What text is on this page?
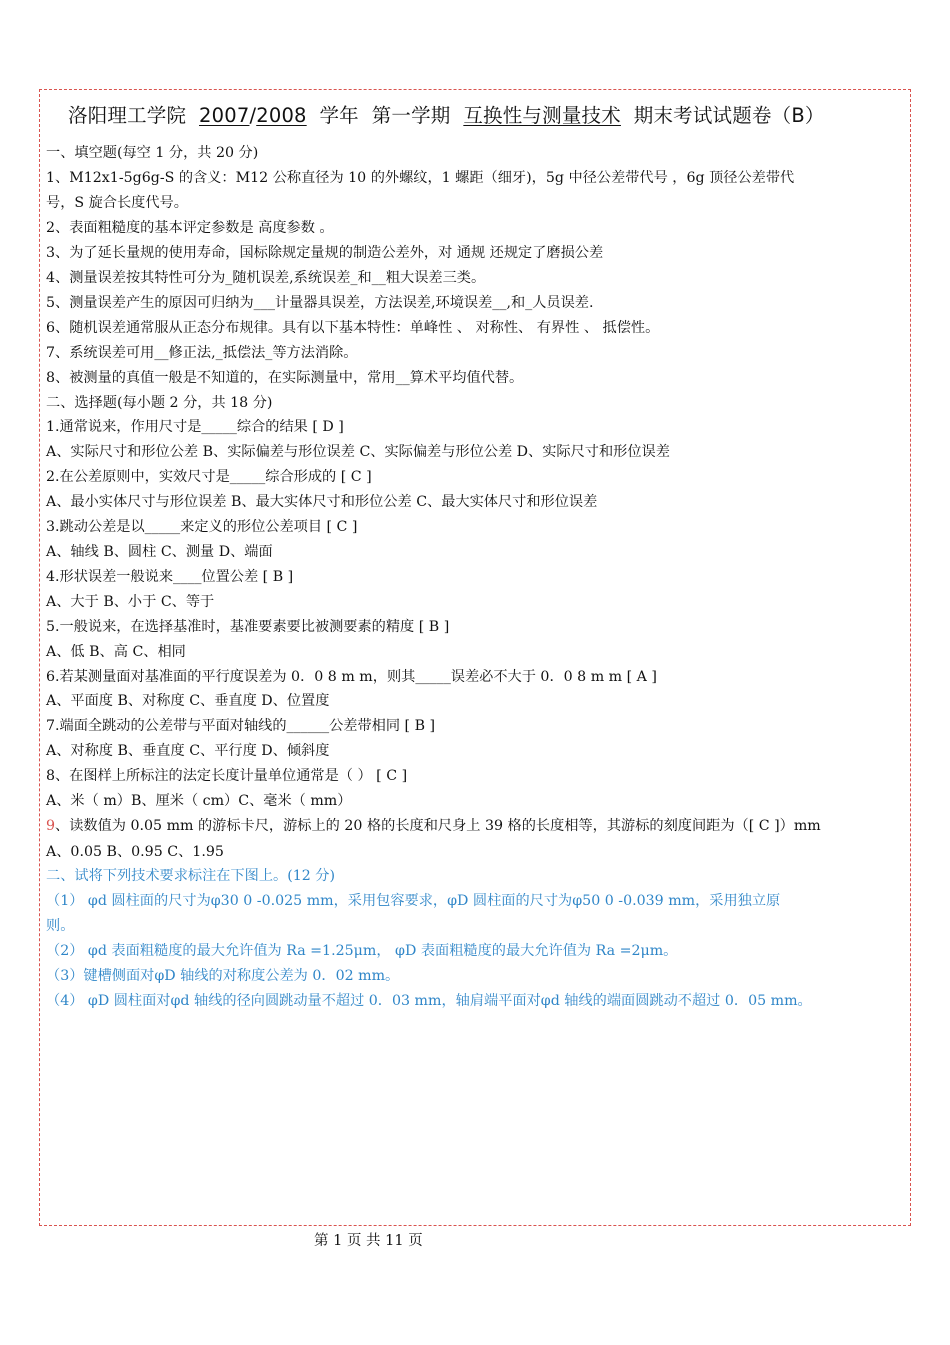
洛阳理工学院 2007/2008 学年 第一学期 互换性与测量技术 期末考试试题卷（B）
一、填空题(每空 1 分，共 20 分)
1、M12x1-5g6g-S 的含义：M12 公称直径为 10 的外螺纹，1 螺距（细牙)，5g 中径公差带代号 ，6g 顶径公差带代
号，S 旋合长度代号。
2、表面粗糙度的基本评定参数是 高度参数 。
3、为了延长量规的使用寿命，国标除规定量规的制造公差外，对 通规 还规定了磨损公差
4、测量误差按其特性可分为_随机误差,系统误差_和__粗大误差三类。
5、测量误差产生的原因可归纳为___计量器具误差，方法误差,环境误差__,和_人员误差.
6、随机误差通常服从正态分布规律。具有以下基本特性：单峰性 、 对称性、 有界性 、 抵偿性。
7、系统误差可用__修正法,_抵偿法_等方法消除。
8、被测量的真值一般是不知道的，在实际测量中，常用__算术平均值代替。
二、选择题(每小题 2 分，共 18 分)
1.通常说来，作用尺寸是_____综合的结果 [ D ]
A、实际尺寸和形位公差 B、实际偏差与形位误差 C、实际偏差与形位公差 D、实际尺寸和形位误差
2.在公差原则中，实效尺寸是_____综合形成的 [ C ]
A、最小实体尺寸与形位误差 B、最大实体尺寸和形位公差 C、最大实体尺寸和形位误差
3.跳动公差是以_____来定义的形位公差项目 [ C ]
A、轴线 B、圆柱 C、测量 D、端面
4.形状误差一般说来____位置公差 [ B ]
A、大于 B、小于 C、等于
5.一般说来，在选择基准时，基准要素要比被测要素的精度 [ B ]
A、低 B、高 C、相同
6.若某测量面对基准面的平行度误差为 0．0 8 m m，则其_____误差必不大于 0．0 8 m m [ A ]
A、平面度 B、对称度 C、垂直度 D、位置度
7.端面全跳动的公差带与平面对轴线的______公差带相同 [ B ]
A、对称度 B、垂直度 C、平行度 D、倾斜度
8、在图样上所标注的法定长度计量单位通常是（ ） [ C ]
A、米（ m）B、厘米（ cm）C、毫米（ mm）
9、读数值为 0.05 mm 的游标卡尺，游标上的 20 格的长度和尺身上 39 格的长度相等，其游标的刻度间距为（[ C ]）mm
A、0.05 B、0.95 C、1.95
二、试将下列技术要求标注在下图上。(12 分)
（1） φd 圆柱面的尺寸为φ30 0 -0.025 mm，采用包容要求，φD 圆柱面的尺寸为φ50 0 -0.039 mm，采用独立原
则。
（2） φd 表面粗糙度的最大允许值为 Ra =1.25μm， φD 表面粗糙度的最大允许值为 Ra =2μm。
（3）键槽侧面对φD 轴线的对称度公差为 0．02 mm。
（4） φD 圆柱面对φd 轴线的径向圆跳动量不超过 0．03 mm，轴肩端平面对φd 轴线的端面圆跳动不超过 0．05 mm。
第 1 页 共 11 页
